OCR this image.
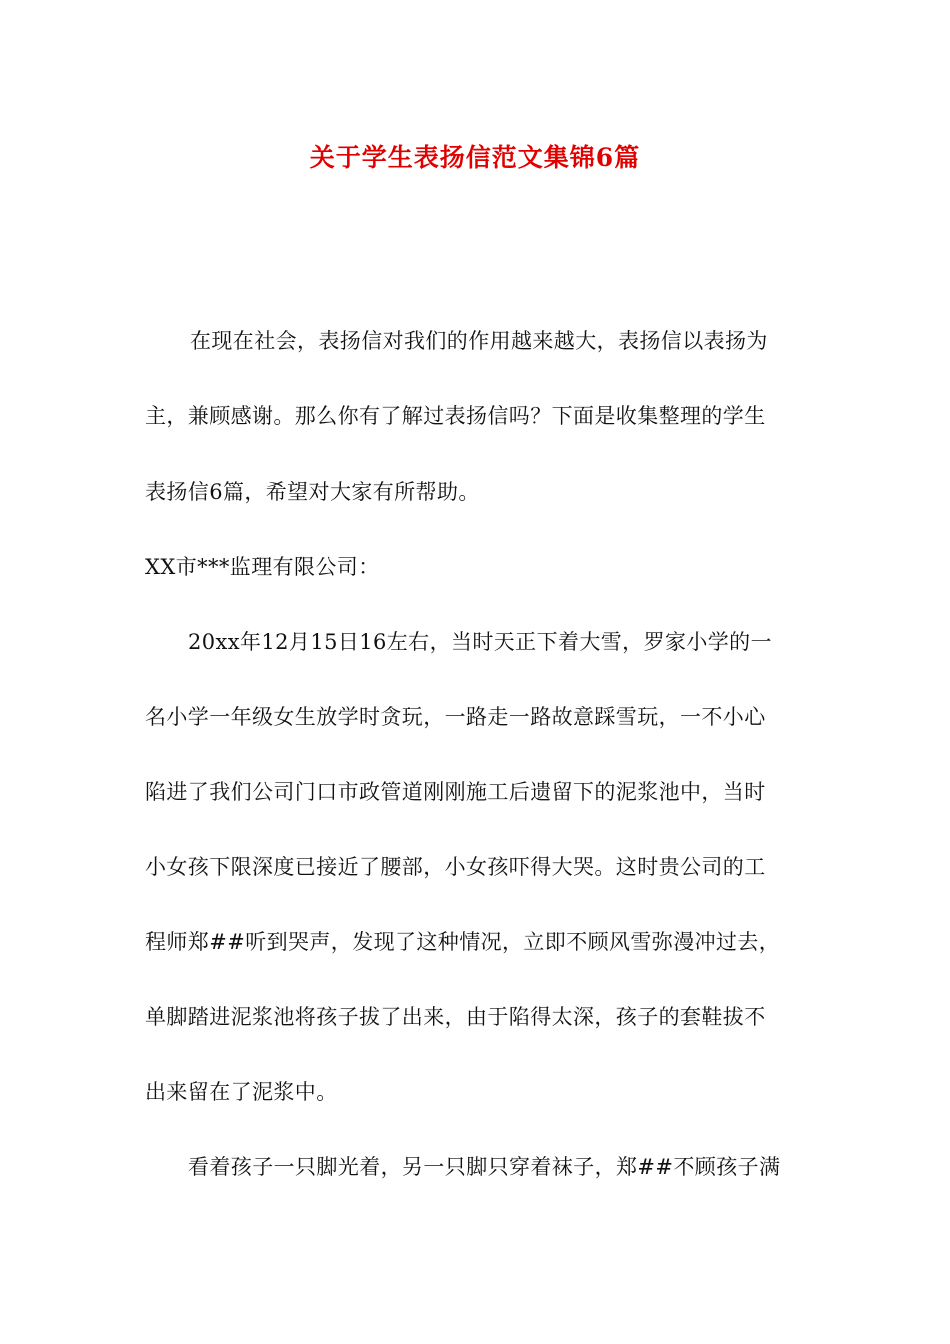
关于学生表扬信范文集锦6篇
在现在社会，表扬信对我们的作用越来越大，表扬信以表扬为
主，兼顾感谢。那么你有了解过表扬信吗？下面是收集整理的学生
表扬信6篇，希望对大家有所帮助。
XX市***监理有限公司：
20xx年12月15日16左右，当时天正下着大雪，罗家小学的一
名小学一年级女生放学时贪玩，一路走一路故意踩雪玩，一不小心
陷进了我们公司门口市政管道刚刚施工后遗留下的泥浆池中，当时
小女孩下限深度已接近了腰部，小女孩吓得大哭。这时贵公司的工
程师郑##听到哭声，发现了这种情况，立即不顾风雪弥漫冲过去，
单脚踏进泥浆池将孩子拔了出来，由于陷得太深，孩子的套鞋拔不
出来留在了泥浆中。
看着孩子一只脚光着，另一只脚只穿着袜子，郑##不顾孩子满
